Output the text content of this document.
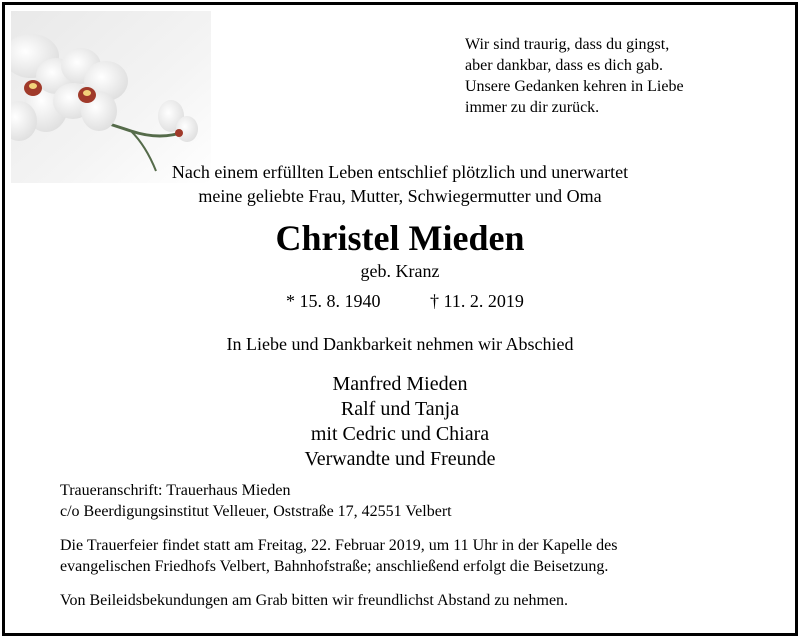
Wir sind traurig, dass du gingst,
aber dankbar, dass es dich gab.
Unsere Gedanken kehren in Liebe
immer zu dir zurück.
Nach einem erfüllten Leben entschlief plötzlich und unerwartet
meine geliebte Frau, Mutter, Schwiegermutter und Oma
Christel Mieden
geb. Kranz
* 15. 8. 1940	† 11. 2. 2019
In Liebe und Dankbarkeit nehmen wir Abschied
Manfred Mieden
Ralf und Tanja
mit Cedric und Chiara
Verwandte und Freunde
Traueranschrift: Trauerhaus Mieden
c/o Beerdigungsinstitut Velleuer, Oststraße 17, 42551 Velbert
Die Trauerfeier findet statt am Freitag, 22. Februar 2019, um 11 Uhr in der Kapelle des
evangelischen Friedhofs Velbert, Bahnhofstraße; anschließend erfolgt die Beisetzung.
Von Beileidsbekundungen am Grab bitten wir freundlichst Abstand zu nehmen.
